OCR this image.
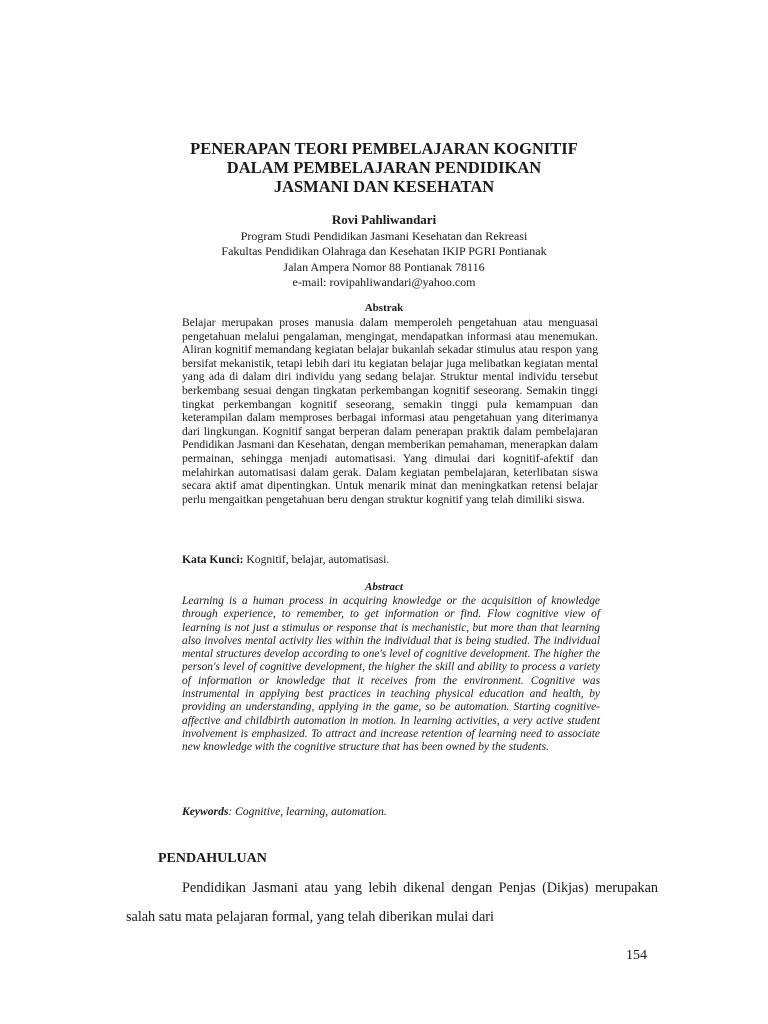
PENERAPAN TEORI PEMBELAJARAN KOGNITIF
DALAM PEMBELAJARAN PENDIDIKAN
JASMANI DAN KESEHATAN

Rovi Pahliwandari

Program Studi Pendidikan Jasmani Kesehatan dan Rekreasi
Fakultas Pendidikan Olahraga dan Kesehatan IKIP PGRI Pontianak
Jalan Ampera Nomor 88 Pontianak 78116
e-mail: rovipahliwandari@yahoo.com

Abstrak

Belajar merupakan proses manusia dalam memperoleh pengetahuan atau menguasai pengetahuan melalui pengalaman, mengingat, mendapatkan informasi atau menemukan. Aliran kognitif memandang kegiatan belajar bukanlah sekadar stimulus atau respon yang bersifat mekanistik, tetapi lebih dari itu kegiatan belajar juga melibatkan kegiatan mental yang ada di dalam diri individu yang sedang belajar. Struktur mental individu tersebut berkembang sesuai dengan tingkatan perkembangan kognitif seseorang. Semakin tinggi tingkat perkembangan kognitif seseorang, semakin tinggi pula kemampuan dan keterampilan dalam memproses berbagai informasi atau pengetahuan yang diterimanya dari lingkungan. Kognitif sangat berperan dalam penerapan praktik dalam pembelajaran Pendidikan Jasmani dan Kesehatan, dengan memberikan pemahaman, menerapkan dalam permainan, sehingga menjadi automatisasi. Yang dimulai dari kognitif-afektif dan melahirkan automatisasi dalam gerak. Dalam kegiatan pembelajaran, keterlibatan siswa secara aktif amat dipentingkan. Untuk menarik minat dan meningkatkan retensi belajar perlu mengaitkan pengetahuan beru dengan struktur kognitif yang telah dimiliki siswa.

Kata Kunci: Kognitif, belajar, automatisasi.

Abstract

Learning is a human process in acquiring knowledge or the acquisition of knowledge through experience, to remember, to get information or find. Flow cognitive view of learning is not just a stimulus or response that is mechanistic, but more than that learning also involves mental activity lies within the individual that is being studied. The individual mental structures develop according to one's level of cognitive development. The higher the person's level of cognitive development, the higher the skill and ability to process a variety of information or knowledge that it receives from the environment. Cognitive was instrumental in applying best practices in teaching physical education and health, by providing an understanding, applying in the game, so be automation. Starting cognitive-affective and childbirth automation in motion. In learning activities, a very active student involvement is emphasized. To attract and increase retention of learning need to associate new knowledge with the cognitive structure that has been owned by the students.

Keywords: Cognitive, learning, automation.

PENDAHULUAN

Pendidikan Jasmani atau yang lebih dikenal dengan Penjas (Dikjas) merupakan salah satu mata pelajaran formal, yang telah diberikan mulai dari

154
